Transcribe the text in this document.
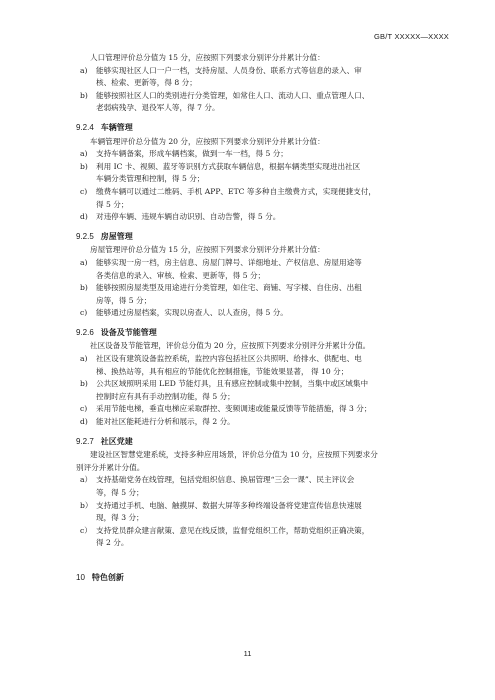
GB/T XXXXX—XXXX

人口管理评价总分值为 15 分，应按照下列要求分别评分并累计分值：

a) 能够实现社区人口一户一档，支持房屋、人员身份、联系方式等信息的录入、审
核、检索、更新等，得 8 分；
b) 能够按照社区人口的类别进行分类管理，如常住人口、流动人口、重点管理人口、
老弱病残孕、退役军人等，得 7 分。
9.2.4 车辆管理

车辆管理评价总分值为 20 分，应按照下列要求分别评分并累计分值：

a) 支持车辆备案，形成车辆档案，做到一车一档，得 5 分；
b) 利用 IC 卡、视频、蓝牙等识别方式获取车辆信息，根据车辆类型实现进出社区
车辆分类管理和控制，得 5 分；
c) 缴费车辆可以通过二维码、手机 APP、ETC 等多种自主缴费方式，实现便捷支付，
得 5 分；
d) 对违停车辆、违规车辆自动识别、自动告警，得 5 分。
9.2.5 房屋管理

房屋管理评价总分值为 15 分，应按照下列要求分别评分并累计分值：

a) 能够实现一房一档，房主信息、房屋门牌号、详细地址、产权信息、房屋用途等
各类信息的录入、审核、检索、更新等，得 5 分；
b) 能够按照房屋类型及用途进行分类管理，如住宅、商铺、写字楼、自住房、出租
房等，得 5 分；
c) 能够通过房屋档案，实现以房查人、以人查房，得 5 分。
9.2.6 设备及节能管理

社区设备及节能管理，评价总分值为 20 分，应按照下列要求分别评分并累计分值。

a) 社区设有建筑设备监控系统，监控内容包括社区公共照明、给排水、供配电、电
梯、换热站等，具有相应的节能优化控制措施，节能效果显著， 得 10 分；
b) 公共区域照明采用 LED 节能灯具，且有感应控制或集中控制，当集中或区域集中
控制时应有具有手动控制功能，得 5 分；
c) 采用节能电梯，垂直电梯应采取群控、变频调速或能量反馈等节能措施，得 3 分；
d) 能对社区能耗进行分析和展示，得 2 分。
9.2.7 社区党建

建设社区智慧党建系统，支持多种应用场景，评价总分值为 10 分，应按照下列要求分

别评分并累计分值。

a） 支持基础党务在线管理，包括党组织信息、换届管理“三会一课”、民主评议会
等，得 5 分；
b） 支持通过手机、电脑、触摸屏、数据大屏等多种终端设备将党建宣传信息快速展
现，得 3 分；
c） 支持党员群众建言献策、意见在线反馈，监督党组织工作，帮助党组织正确决策，
得 2 分。
10 特色创新
11
